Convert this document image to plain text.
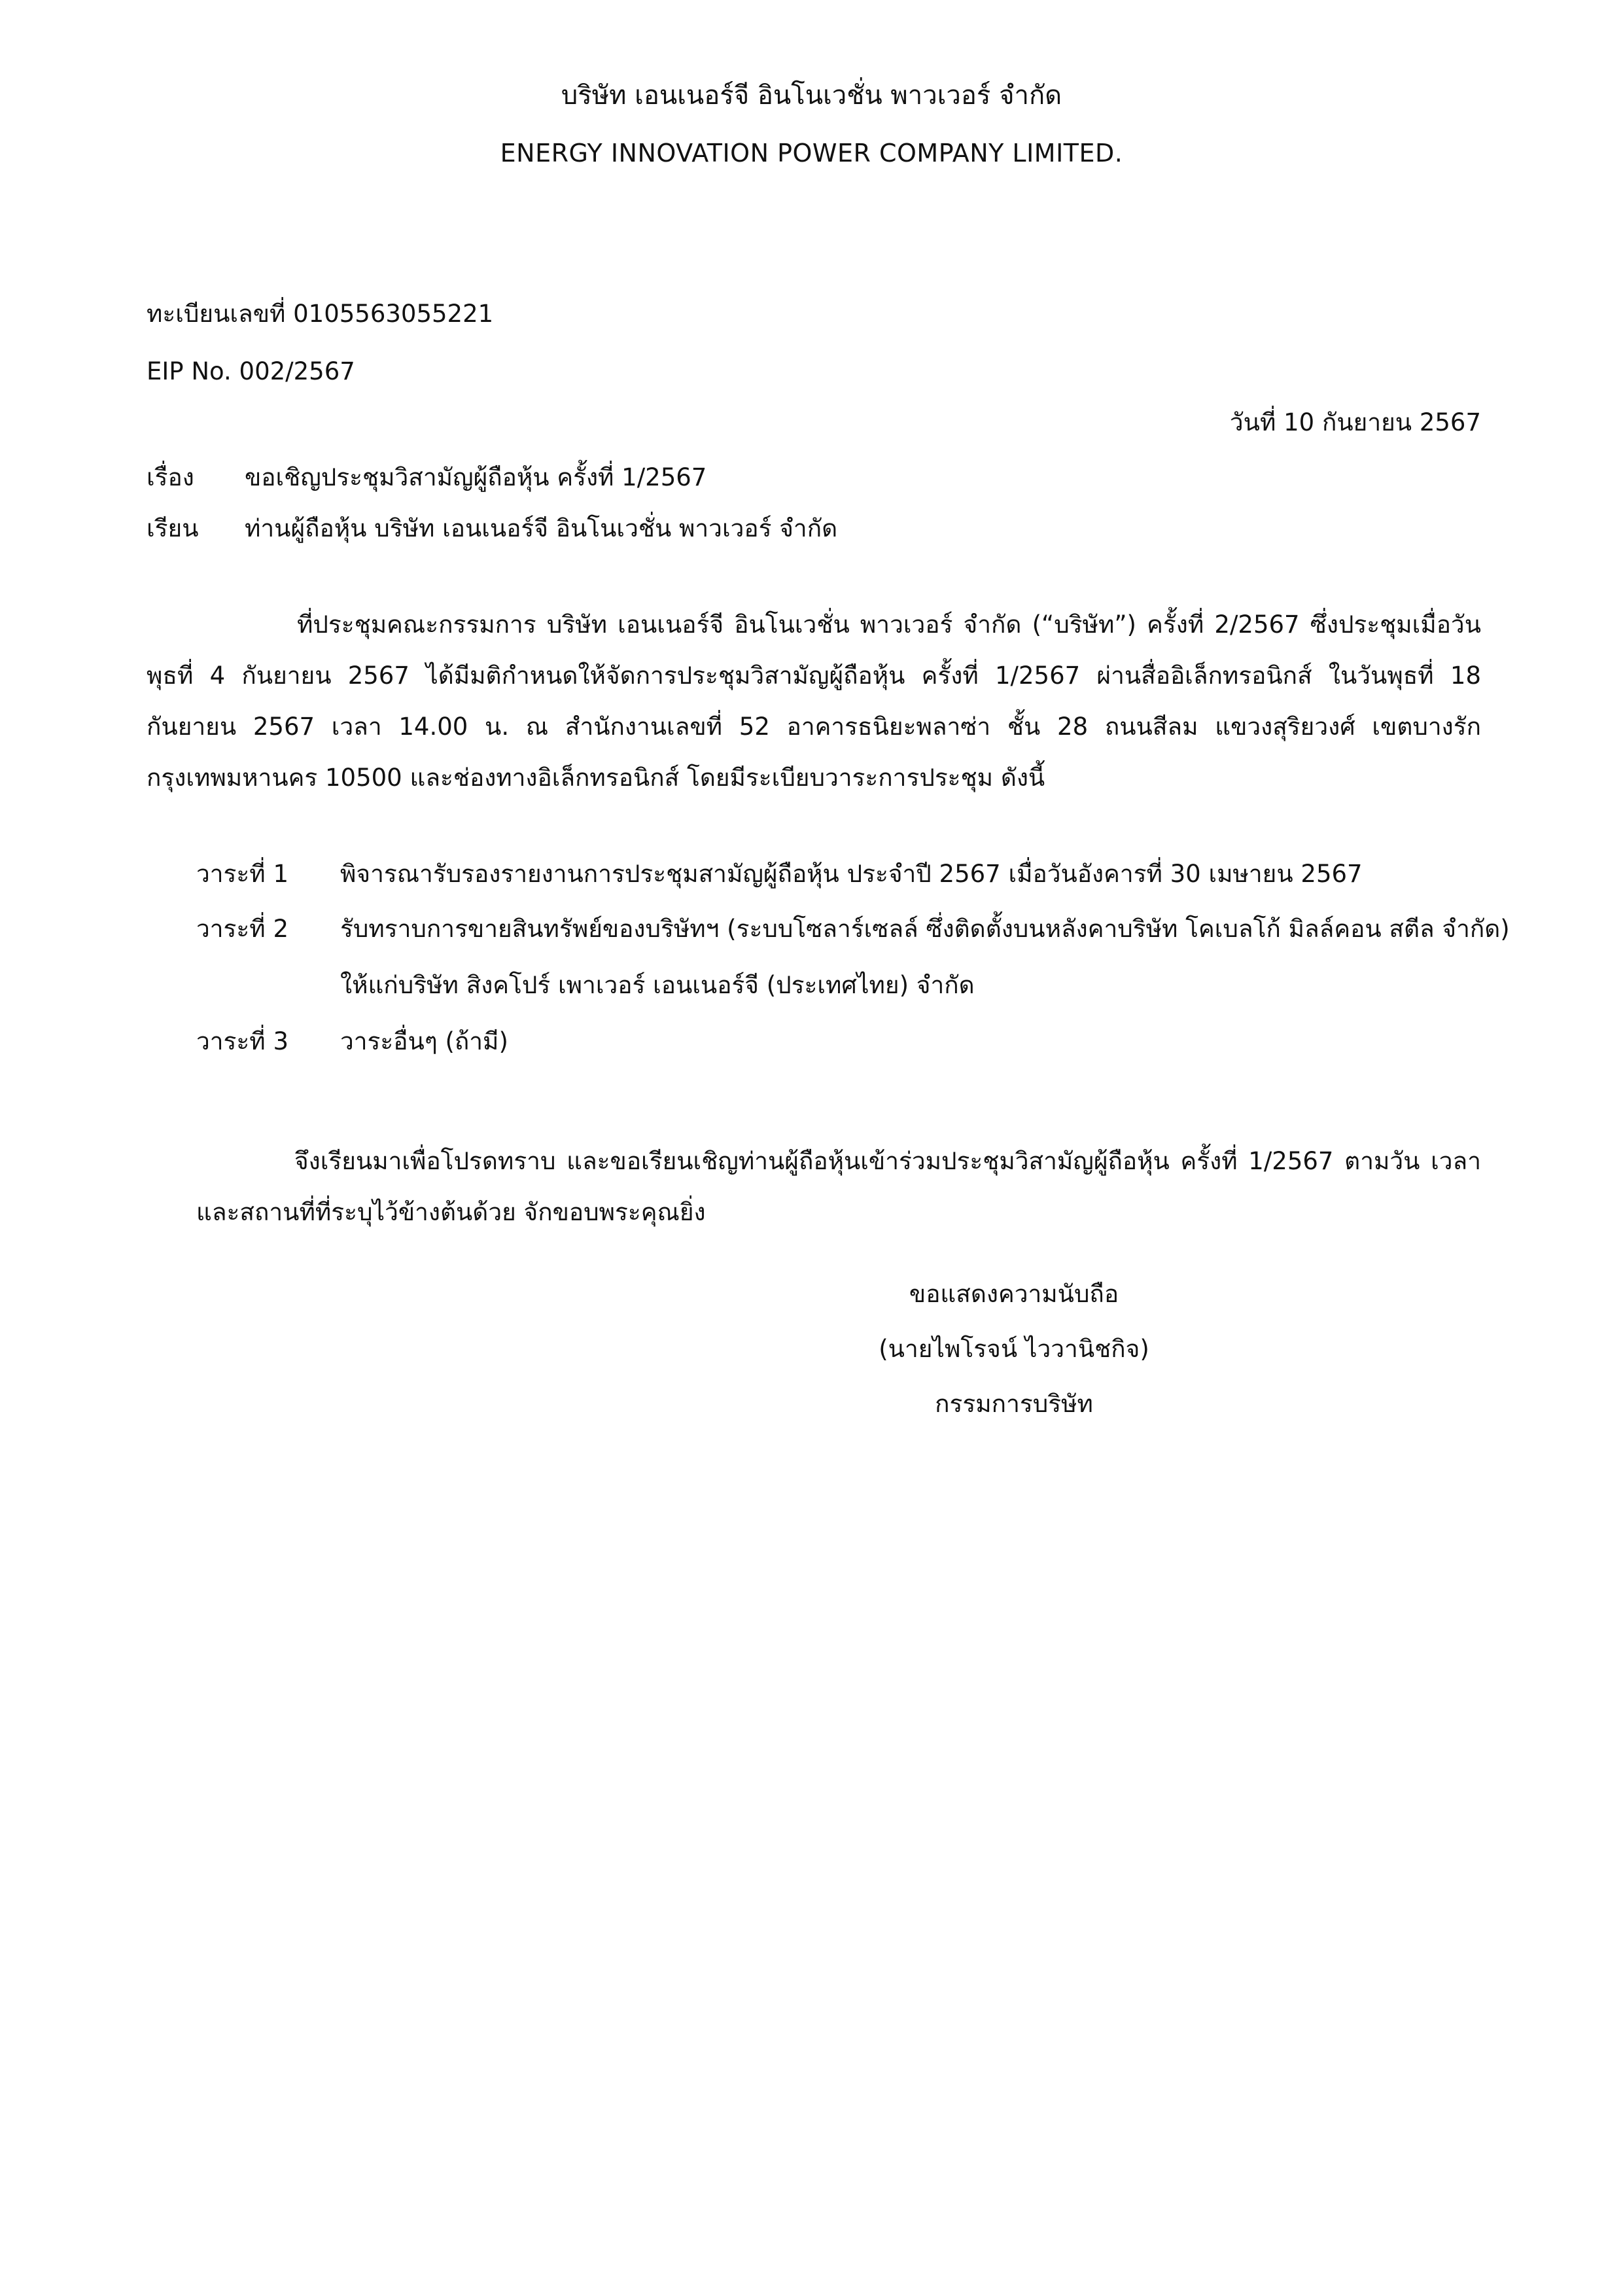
บริษัท เอนเนอร์จี อินโนเวชั่น พาวเวอร์ จำกัด
ENERGY INNOVATION POWER COMPANY LIMITED.
ทะเบียนเลขที่ 0105563055221
EIP No. 002/2567
วันที่ 10 กันยายน 2567
เรื่อง ขอเชิญประชุมวิสามัญผู้ถือหุ้น ครั้งที่ 1/2567
เรียน ท่านผู้ถือหุ้น บริษัท เอนเนอร์จี อินโนเวชั่น พาวเวอร์ จำกัด
ที่ประชุมคณะกรรมการ บริษัท เอนเนอร์จี อินโนเวชั่น พาวเวอร์ จำกัด (“บริษัท”) ครั้งที่ 2/2567 ซึ่งประชุมเมื่อวันพุธที่ 4 กันยายน 2567 ได้มีมติกำหนดให้จัดการประชุมวิสามัญผู้ถือหุ้น ครั้งที่ 1/2567 ผ่านสื่ออิเล็กทรอนิกส์ ในวันพุธที่ 18 กันยายน 2567 เวลา 14.00 น. ณ สำนักงานเลขที่ 52 อาคารธนิยะพลาซ่า ชั้น 28 ถนนสีลม แขวงสุริยวงศ์ เขตบางรัก กรุงเทพมหานคร 10500 และช่องทางอิเล็กทรอนิกส์ โดยมีระเบียบวาระการประชุม ดังนี้
วาระที่ 1 พิจารณารับรองรายงานการประชุมสามัญผู้ถือหุ้น ประจำปี 2567 เมื่อวันอังคารที่ 30 เมษายน 2567
วาระที่ 2 รับทราบการขายสินทรัพย์ของบริษัทฯ (ระบบโซลาร์เซลล์ ซึ่งติดตั้งบนหลังคาบริษัท โคเบลโก้ มิลล์คอน สตีล จำกัด)
ให้แก่บริษัท สิงคโปร์ เพาเวอร์ เอนเนอร์จี (ประเทศไทย) จำกัด
วาระที่ 3 วาระอื่นๆ (ถ้ามี)
จึงเรียนมาเพื่อโปรดทราบ และขอเรียนเชิญท่านผู้ถือหุ้นเข้าร่วมประชุมวิสามัญผู้ถือหุ้น ครั้งที่ 1/2567 ตามวัน เวลา และสถานที่ที่ระบุไว้ข้างต้นด้วย จักขอบพระคุณยิ่ง
ขอแสดงความนับถือ
(นายไพโรจน์ ไววานิชกิจ)
กรรมการบริษัท
